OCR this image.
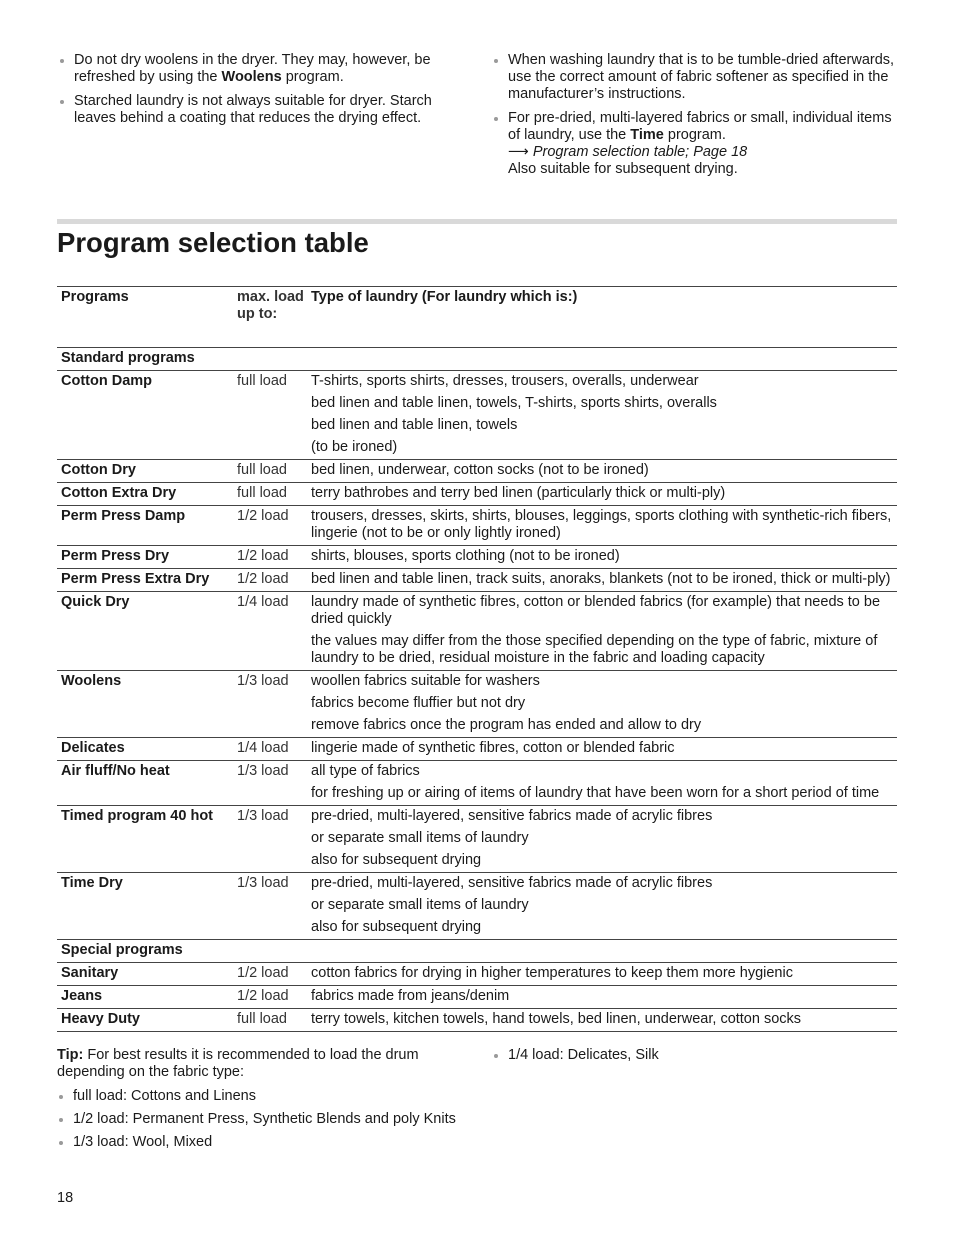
Do not dry woolens in the dryer. They may, however, be refreshed by using the Woolens program.
Starched laundry is not always suitable for dryer. Starch leaves behind a coating that reduces the drying effect.
When washing laundry that is to be tumble-dried afterwards, use the correct amount of fabric softener as specified in the manufacturer’s instructions.
For pre-dried, multi-layered fabrics or small, individual items of laundry, use the Time program.
⟶ Program selection table; Page 18
Also suitable for subsequent drying.
Program selection table
Programs	max. load up to:	Type of laundry (For laundry which is:)
Standard programs		
Cotton Damp	full load	T-shirts, sports shirts, dresses, trousers, overalls, underwear
		bed linen and table linen, towels, T-shirts, sports shirts, overalls
		bed linen and table linen, towels
		(to be ironed)
Cotton Dry	full load	bed linen, underwear, cotton socks (not to be ironed)
Cotton Extra Dry	full load	terry bathrobes and terry bed linen (particularly thick or multi-ply)
Perm Press Damp	1/2 load	trousers, dresses, skirts, shirts, blouses, leggings, sports clothing with synthetic-rich fibers, lingerie (not to be or only lightly ironed)
Perm Press Dry	1/2 load	shirts, blouses, sports clothing (not to be ironed)
Perm Press Extra Dry	1/2 load	bed linen and table linen, track suits, anoraks, blankets (not to be ironed, thick or multi-ply)
Quick Dry	1/4 load	laundry made of synthetic fibres, cotton or blended fabrics (for example) that needs to be dried quickly
		the values may differ from the those specified depending on the type of fabric, mixture of laundry to be dried, residual moisture in the fabric and loading capacity
Woolens	1/3 load	woollen fabrics suitable for washers
		fabrics become fluffier but not dry
		remove fabrics once the program has ended and allow to dry
Delicates	1/4 load	lingerie made of synthetic fibres, cotton or blended fabric
Air fluff/No heat	1/3 load	all type of fabrics
		for freshing up or airing of items of laundry that have been worn for a short period of time
Timed program 40 hot	1/3 load	pre-dried, multi-layered, sensitive fabrics made of acrylic fibres
		or separate small items of laundry
		also for subsequent drying
Time Dry	1/3 load	pre-dried, multi-layered, sensitive fabrics made of acrylic fibres
		or separate small items of laundry
		also for subsequent drying
Special programs		
Sanitary	1/2 load	cotton fabrics for drying in higher temperatures to keep them more hygienic
Jeans	1/2 load	fabrics made from jeans/denim
Heavy Duty	full load	terry towels, kitchen towels, hand towels, bed linen, underwear, cotton socks

Tip: For best results it is recommended to load the drum depending on the fabric type:

full load: Cottons and Linens
1/2 load: Permanent Press, Synthetic Blends and poly Knits
1/3 load: Wool, Mixed
1/4 load: Delicates, Silk
18
